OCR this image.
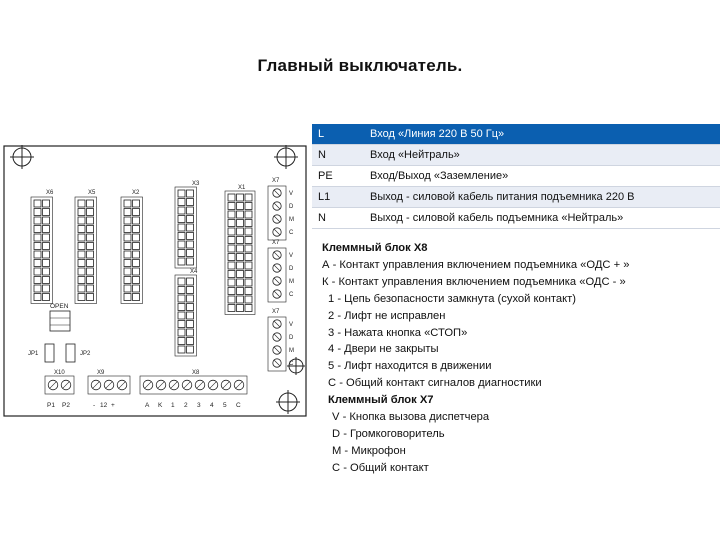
Главный выключатель.
L	Вход «Линия 220 В 50 Гц»
N	Вход «Нейтраль»
PE	Вход/Выход «Заземление»
L1	Выход - силовой кабель питания подъемника 220 В
N	Выход - силовой кабель подъемника «Нейтраль»
Клеммный блок Х8
А - Контакт управления включением подъемника «ОДС + »
К - Контакт управления включением подъемника «ОДС - »
1 - Цепь безопасности замкнута (сухой контакт)
2 - Лифт не исправлен
3 - Нажата кнопка «СТОП»
4 - Двери не закрыты
5 - Лифт находится в движении
С - Общий контакт сигналов диагностики
Клеммный блок Х7
V - Кнопка вызова диспетчера
D - Громкоговоритель
М - Микрофон
С - Общий контакт
X6	X5	X2
X3
X1
X4
X7
X7
X7
X10	X9	X8
V
D
M
C
V
D
M
C
V
D
M
C
OPEN
JP1	JP2
P1 P2	- 12 +	A K 1 2 3 4 5 C
